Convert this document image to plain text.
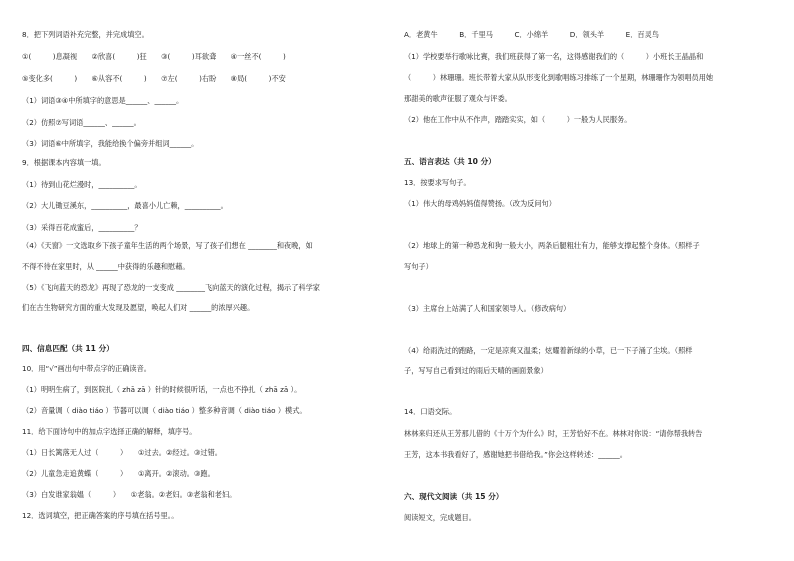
8．把下列词语补充完整，并完成填空。
①(　　　)息凝视　　②欣喜(　　　)狂　　③(　　　)耳欲聋　　④一丝不(　　　)
⑤变化多(　　　)　　⑥从容不(　　　)　　⑦左(　　　)右盼　　⑧局(　　　)不安
（1）词语③④中所填字的意思是______、______。
（2）仿照⑦写词语______、______。
（3）词语⑥中所填字，我能给换个偏旁并组词______。
9．根据课本内容填一填。
（1）待到山花烂漫时，__________。
（2）大儿锄豆溪东，__________，最喜小儿亡赖，__________。
（3）采得百花成蜜后，__________？
（4）《天窗》一文选取乡下孩子童年生活的两个场景，写了孩子们想在 ________和夜晚，如
不得不待在家里时，从 ______中获得的乐趣和慰藉。
（5）《飞向蓝天的恐龙》再现了恐龙的一支变成 ________飞向蓝天的演化过程，揭示了科学家
们在古生物研究方面的重大发现及愿望，唤起人们对 ______的浓厚兴趣。
四、信息匹配（共 11 分）
10．用“√”画出句中带点字的正确读音。
（1）明明生病了，到医院扎（ zhā zā ）针的时候很听话，一点也不挣扎（ zhā zā ）。
（2）音量调（ diào tiáo ）节器可以调（ diào tiáo ）整多种音调（ diào tiáo ）模式。
11．给下面诗句中的加点字选择正确的解释，填序号。
（1）日长篱落无人过（　　　）　　①过去。②经过。③过错。
（2）儿童急走追黄蝶（　　　）　　①离开。②滚动。③跑。
（3）白发谁家翁媪（　　　）　　①老翁。②老妇。③老翁和老妇。
12．选词填空，把正确答案的序号填在括号里。。
A．老黄牛　　　B．千里马　　　C．小绵羊　　　D．领头羊　　　E．百灵鸟
（1）学校要举行歌咏比赛，我们班获得了第一名，这得感谢我们的（　　　）小班长王晶晶和
（　　　）林珊珊。班长带着大家从队形变化到歌唱练习排练了一个星期，林珊珊作为领唱员用她
那甜美的歌声征服了观众与评委。
（2）他在工作中从不作声，踏踏实实，如（　　　）一般为人民服务。
五、语言表达（共 10 分）
13．按要求写句子。
（1）伟大的母鸡妈妈值得赞扬。（改为反问句）
（2）地球上的第一种恐龙和狗一般大小，两条后腿粗壮有力，能够支撑起整个身体。（照样子
写句子）
（3）主席台上站满了人和国家领导人。（修改病句）
（4）给雨洗过的跑路，一定是凉爽又温柔；炫耀着新绿的小草，已一下子涌了尘埃。（照样
子，写写自己看到过的雨后天晴的画面景象）
14．口语交际。
林林来归还从王芳那儿借的《十万个为什么》时，王芳恰好不在。林林对你说：“请你帮我转告
王芳，这本书我看好了，感谢她把书借给我。”你会这样转述：______。
六、现代文阅读（共 15 分）
阅读短文，完成题目。
